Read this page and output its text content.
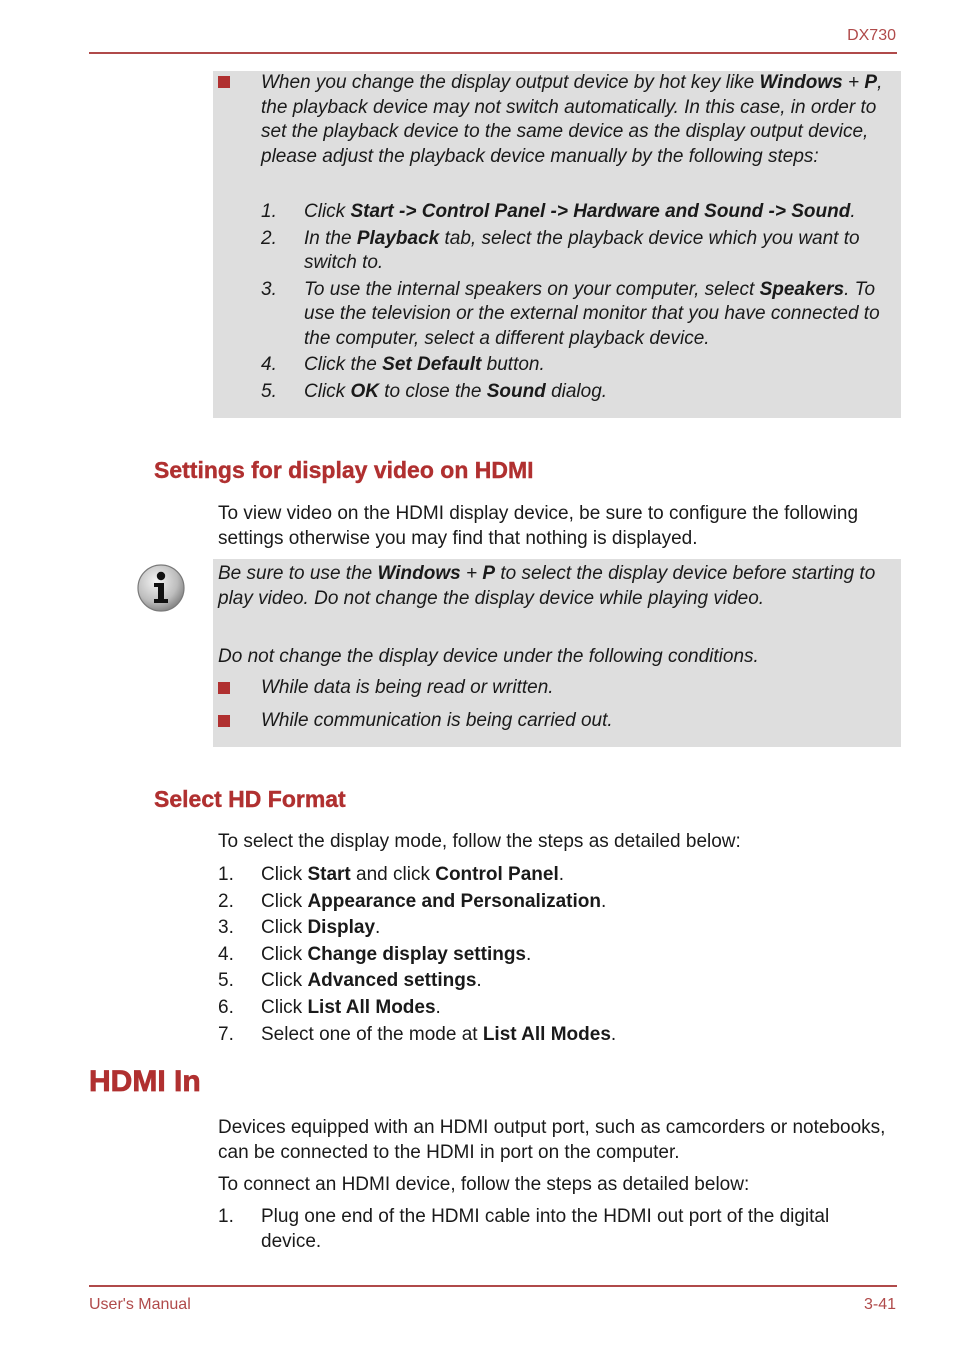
DX730

When you change the display output device by hot key like Windows + P, the playback device may not switch automatically. In this case, in order to set the playback device to the same device as the display output device, please adjust the playback device manually by the following steps:

1. Click Start -> Control Panel -> Hardware and Sound -> Sound.
2. In the Playback tab, select the playback device which you want to switch to.
3. To use the internal speakers on your computer, select Speakers. To use the television or the external monitor that you have connected to the computer, select a different playback device.
4. Click the Set Default button.
5. Click OK to close the Sound dialog.
Settings for display video on HDMI

To view video on the HDMI display device, be sure to configure the following settings otherwise you may find that nothing is displayed.

Be sure to use the Windows + P to select the display device before starting to play video. Do not change the display device while playing video.

Do not change the display device under the following conditions.

While data is being read or written.

While communication is being carried out.

Select HD Format

To select the display mode, follow the steps as detailed below:

1. Click Start and click Control Panel.
2. Click Appearance and Personalization.
3. Click Display.
4. Click Change display settings.
5. Click Advanced settings.
6. Click List All Modes.
7. Select one of the mode at List All Modes.
HDMI In

Devices equipped with an HDMI output port, such as camcorders or notebooks, can be connected to the HDMI in port on the computer.

To connect an HDMI device, follow the steps as detailed below:

1. Plug one end of the HDMI cable into the HDMI out port of the digital device.

User's Manual	3-41
